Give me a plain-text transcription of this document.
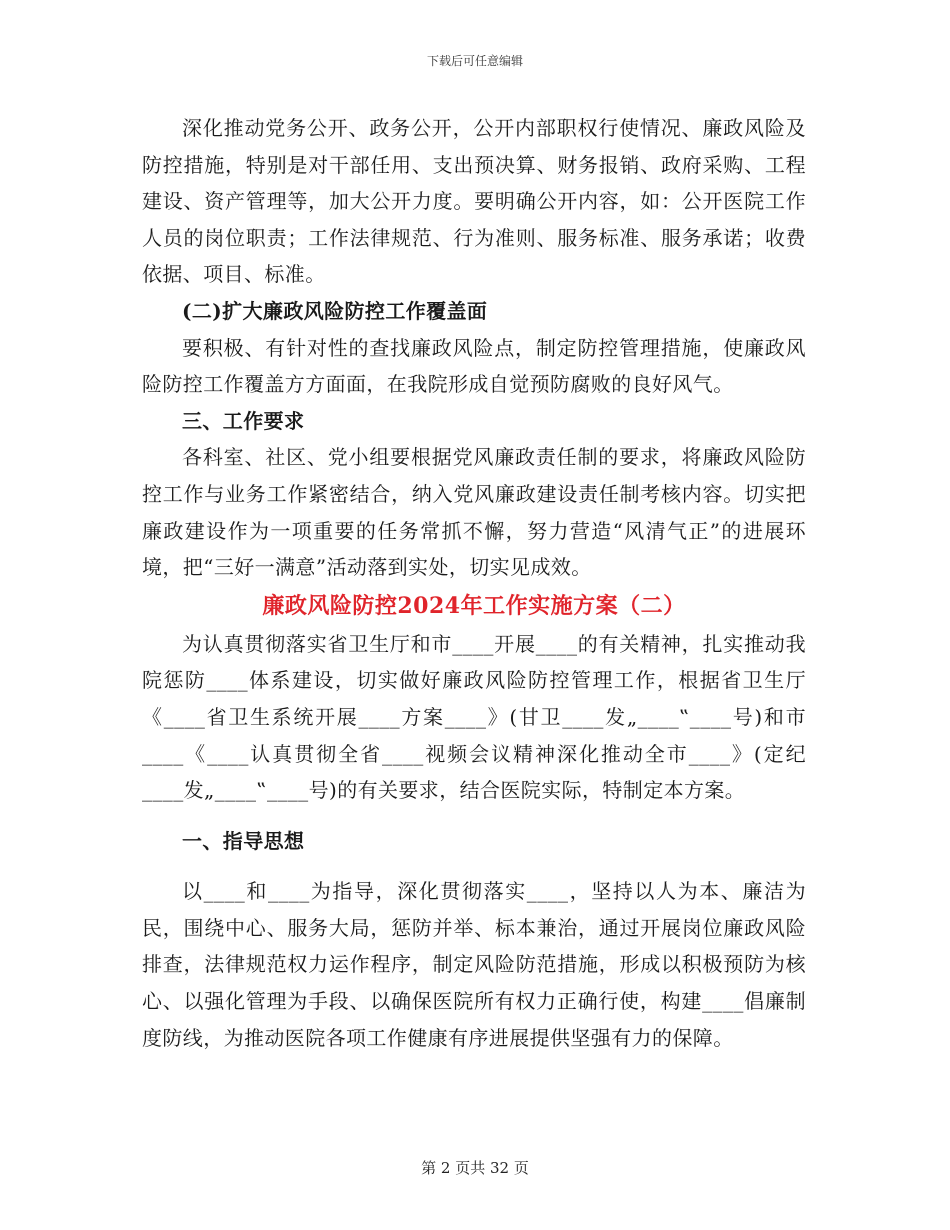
下载后可任意编辑

深化推动党务公开、政务公开，公开内部职权行使情况、廉政风险及防控措施，特别是对干部任用、支出预决算、财务报销、政府采购、工程建设、资产管理等，加大公开力度。要明确公开内容，如：公开医院工作人员的岗位职责；工作法律规范、行为准则、服务标准、服务承诺；收费依据、项目、标准。

(二)扩大廉政风险防控工作覆盖面

要积极、有针对性的查找廉政风险点，制定防控管理措施，使廉政风险防控工作覆盖方方面面，在我院形成自觉预防腐败的良好风气。

三、工作要求

各科室、社区、党小组要根据党风廉政责任制的要求，将廉政风险防控工作与业务工作紧密结合，纳入党风廉政建设责任制考核内容。切实把廉政建设作为一项重要的任务常抓不懈，努力营造“风清气正”的进展环境，把“三好一满意”活动落到实处，切实见成效。

廉政风险防控2024年工作实施方案（二）

为认真贯彻落实省卫生厅和市____开展____的有关精神，扎实推动我院惩防____体系建设，切实做好廉政风险防控管理工作，根据省卫生厅《____省卫生系统开展____方案____》(甘卫____发„____‟____号)和市____《____认真贯彻全省____视频会议精神深化推动全市____》(定纪____发„____‟____号)的有关要求，结合医院实际，特制定本方案。

一、指导思想

以____和____为指导，深化贯彻落实____，坚持以人为本、廉洁为民，围绕中心、服务大局，惩防并举、标本兼治，通过开展岗位廉政风险排查，法律规范权力运作程序，制定风险防范措施，形成以积极预防为核心、以强化管理为手段、以确保医院所有权力正确行使，构建____倡廉制度防线，为推动医院各项工作健康有序进展提供坚强有力的保障。

第 2 页共 32 页
